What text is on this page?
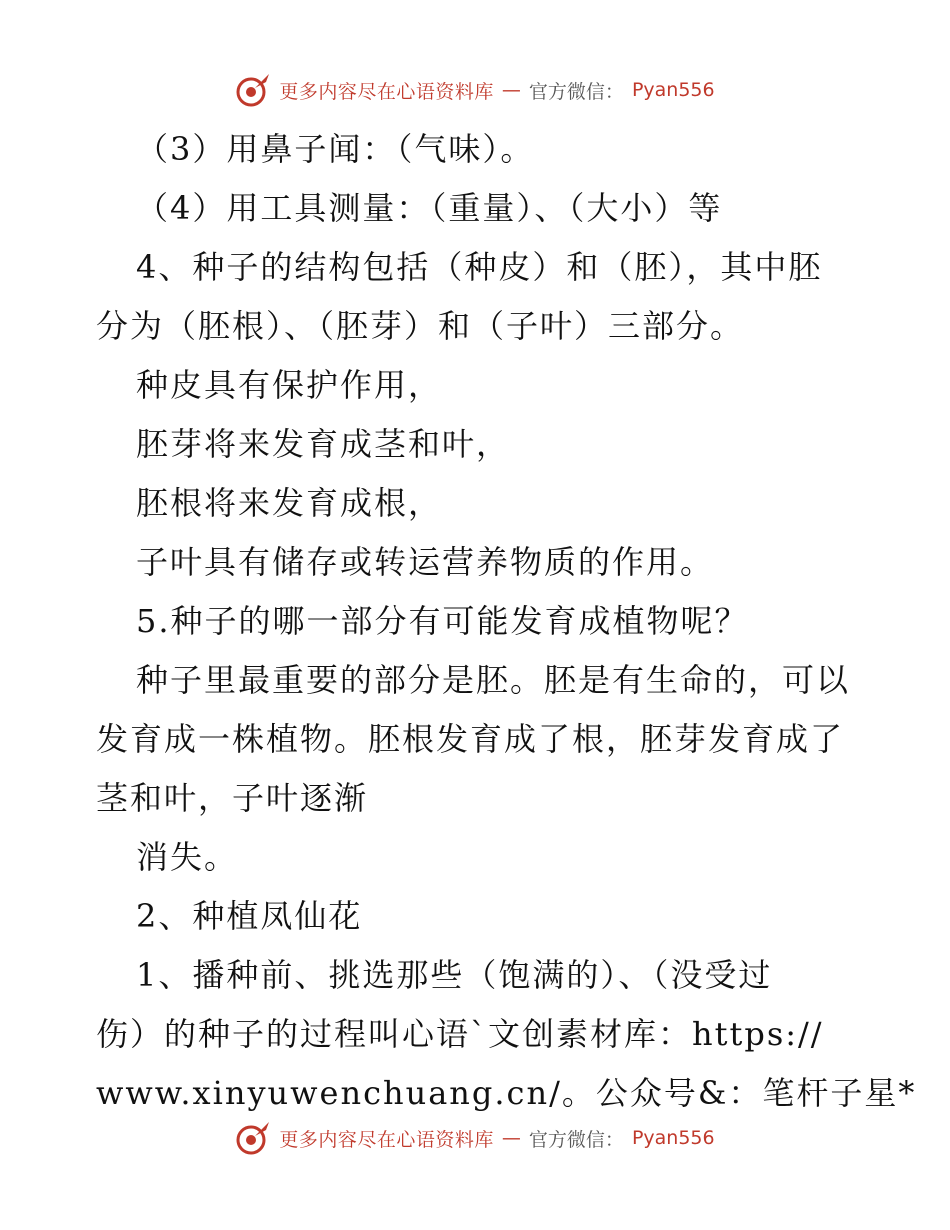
更多内容尽在心语资料库 — 官方微信： Pyan556
（3）用鼻子闻：（气味）。
（4）用工具测量：（重量）、（大小）等
4、种子的结构包括（种皮）和（胚），其中胚
分为（胚根）、（胚芽）和（子叶）三部分。
种皮具有保护作用，
胚芽将来发育成茎和叶，
胚根将来发育成根，
子叶具有储存或转运营养物质的作用。
5.种子的哪一部分有可能发育成植物呢？
种子里最重要的部分是胚。胚是有生命的，可以
发育成一株植物。胚根发育成了根，胚芽发育成了
茎和叶，子叶逐渐
消失。
2、种植凤仙花
1、播种前、挑选那些（饱满的）、（没受过
伤）的种子的过程叫心语`文创素材库：https://
www.xinyuwenchuang.cn/。公众号&：笔杆子星*
更多内容尽在心语资料库 — 官方微信： Pyan556
